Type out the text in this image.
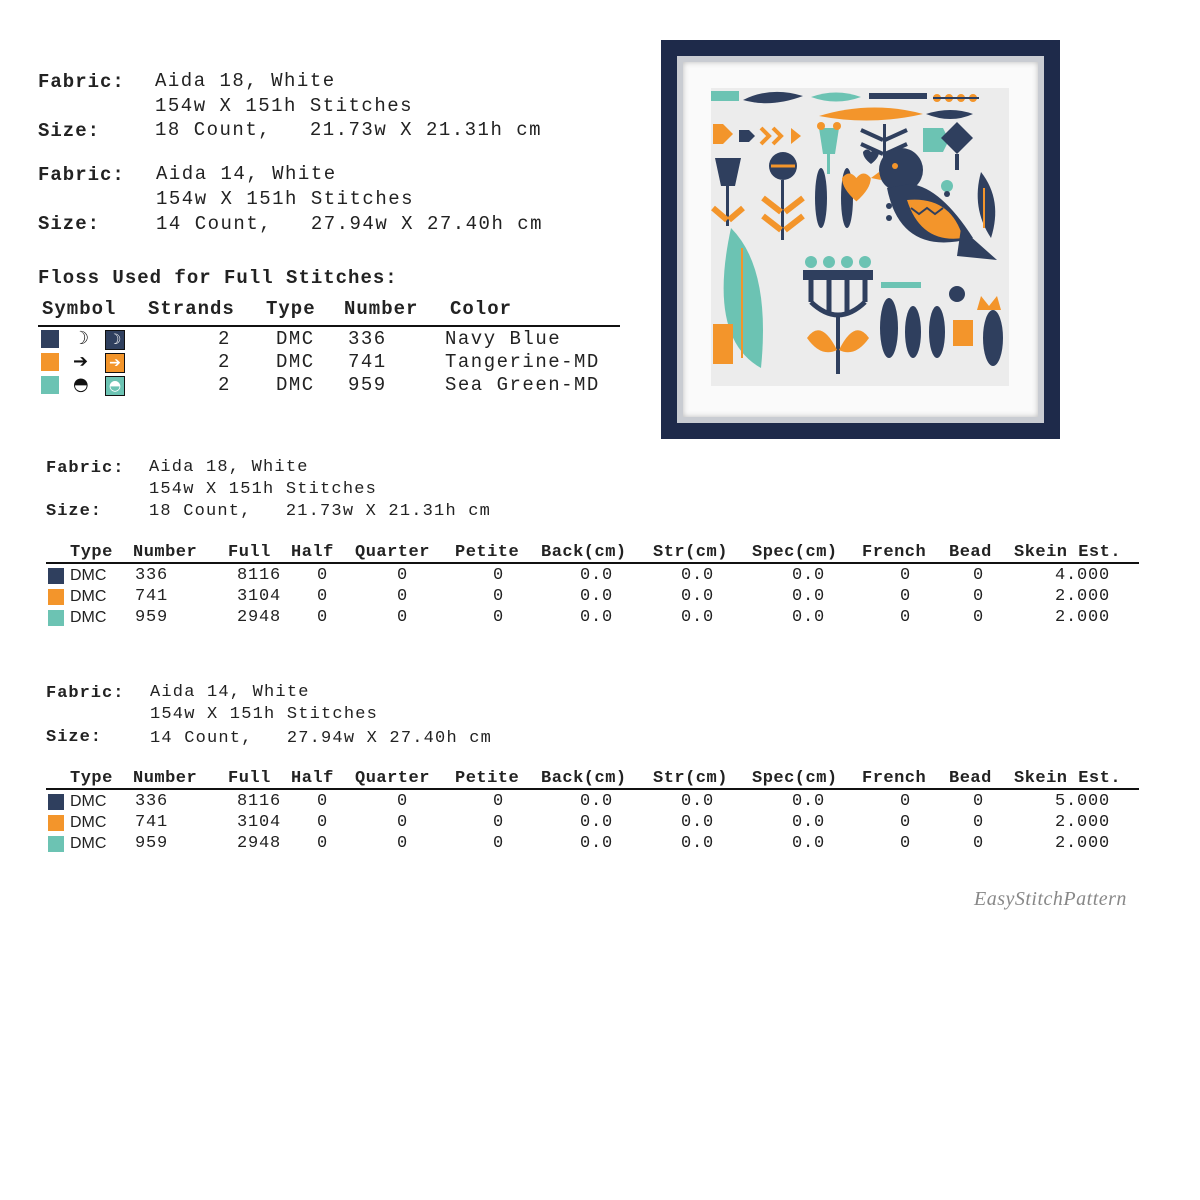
Fabric: Aida 18, White
154w X 151h Stitches
Size:	18 Count,   21.73w X 21.31h cm
Fabric: Aida 14, White
154w X 151h Stitches
Size:	14 Count,   27.94w X 27.40h cm
Floss Used for Full Stitches:
Symbol Strands Type Number Color
☽ ☽	2 DMC 336	Navy Blue
➔ ➔	2 DMC 741	Tangerine-MD
◓ ◓	2 DMC 959	Sea Green-MD
Fabric: Aida 18, White
154w X 151h Stitches
Size:	18 Count,   21.73w X 21.31h cm
Type Number Full Half Quarter Petite Back(cm) Str(cm) Spec(cm) French Bead Skein Est.
DMC 336	8116 0	0	0	0.0	0.0	0.0	0	0	4.000
DMC 741	3104 0	0	0	0.0	0.0	0.0	0	0	2.000
DMC 959	2948 0	0	0	0.0	0.0	0.0	0	0	2.000
Fabric: Aida 14, White
154w X 151h Stitches
Size:	14 Count,   27.94w X 27.40h cm
Type Number Full Half Quarter Petite Back(cm) Str(cm) Spec(cm) French Bead Skein Est.
DMC 336	8116 0	0	0	0.0	0.0	0.0	0	0	5.000
DMC 741	3104 0	0	0	0.0	0.0	0.0	0	0	2.000
DMC 959	2948 0	0	0	0.0	0.0	0.0	0	0	2.000
EasyStitchPattern
